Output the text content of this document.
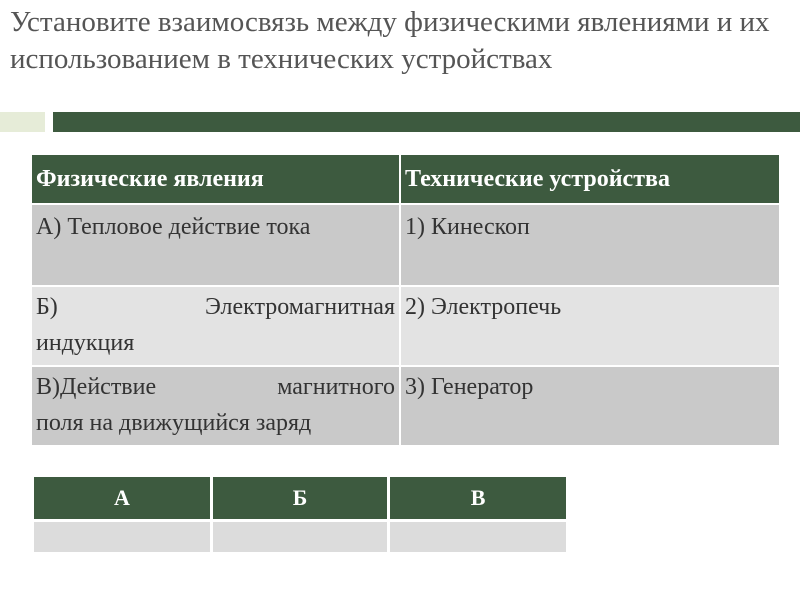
Установите взаимосвязь между физическими явлениями и их использованием в технических устройствах
Физические явления	Технические устройства
А) Тепловое действие тока	1) Кинескоп

Б) Электромагнитная
индукция	2) Электропечь

В)Действие магнитного
поля на движущийся заряд	3) Генератор
А	Б	В
